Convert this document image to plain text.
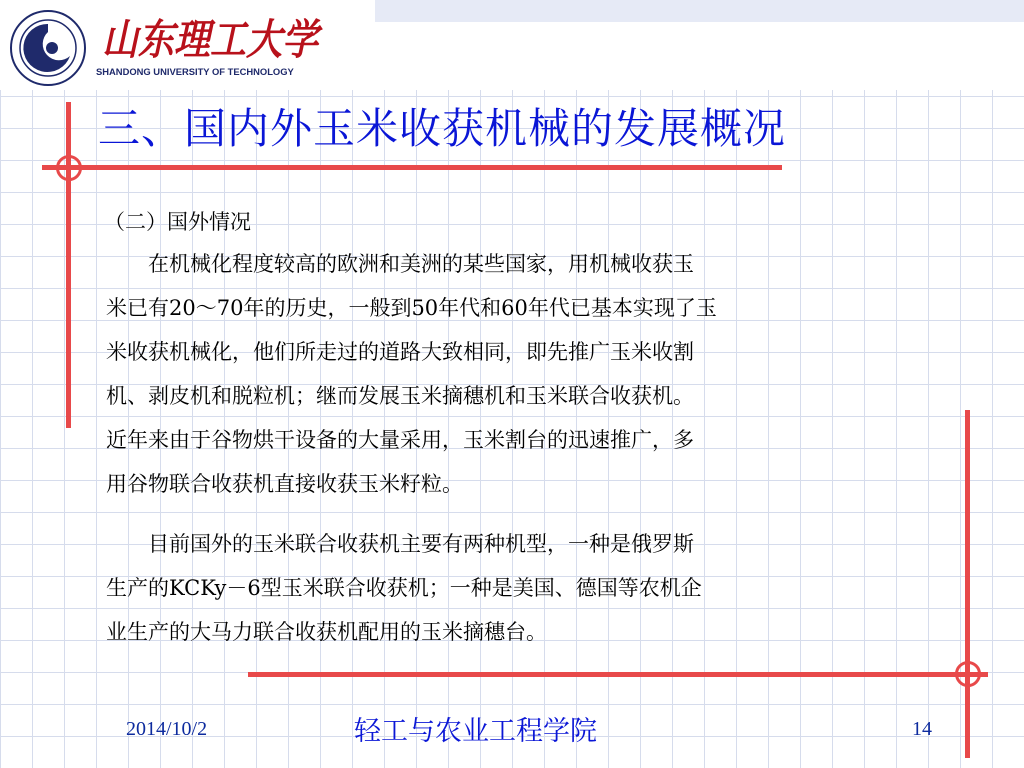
山东理工大学
SHANDONG UNIVERSITY OF TECHNOLOGY
三、国内外玉米收获机械的发展概况
（二）国外情况
　　在机械化程度较高的欧洲和美洲的某些国家，用机械收获玉
米已有20～70年的历史，一般到50年代和60年代已基本实现了玉
米收获机械化，他们所走过的道路大致相同，即先推广玉米收割
机、剥皮机和脱粒机；继而发展玉米摘穗机和玉米联合收获机。
近年来由于谷物烘干设备的大量采用，玉米割台的迅速推广，多
用谷物联合收获机直接收获玉米籽粒。
　　目前国外的玉米联合收获机主要有两种机型，一种是俄罗斯
生产的KCKy－6型玉米联合收获机；一种是美国、德国等农机企
业生产的大马力联合收获机配用的玉米摘穗台。
2014/10/2	轻工与农业工程学院	14
